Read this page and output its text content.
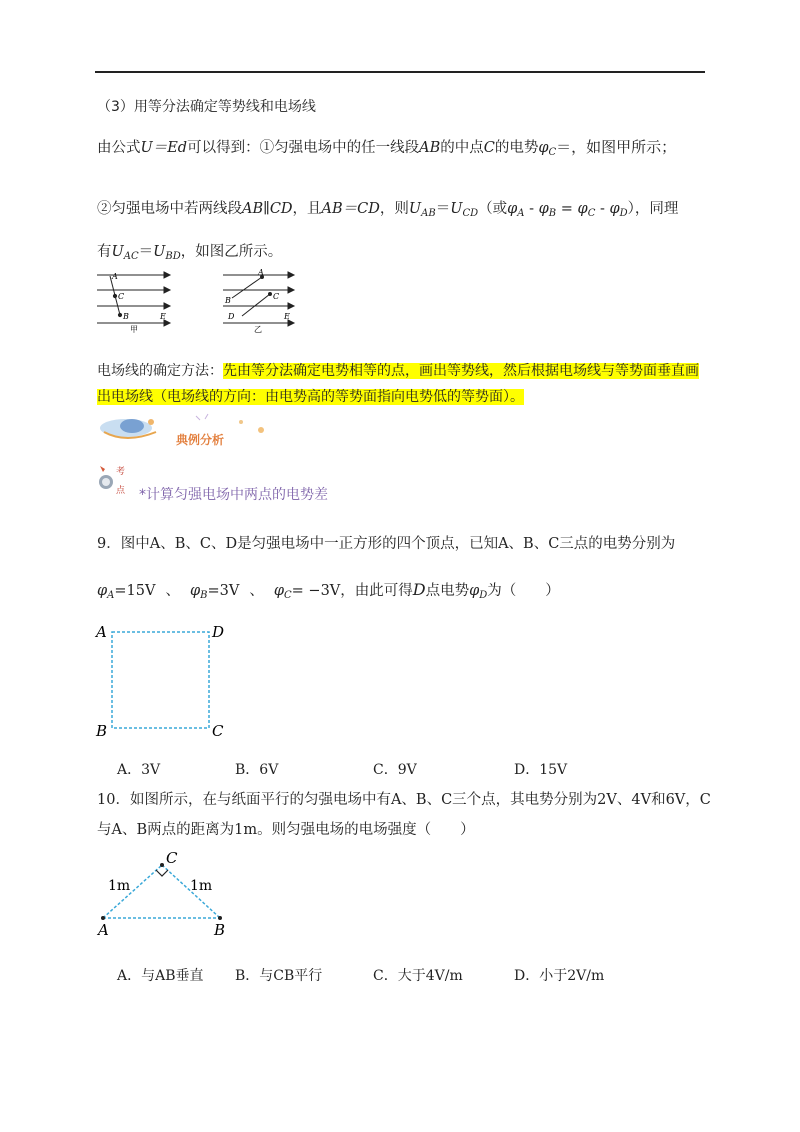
（3）用等分法确定等势线和电场线
由公式U＝Ed可以得到：①匀强电场中的任一线段AB的中点C的电势$\varphi_C=$，如图甲所示；
②匀强电场中若两线段AB∥CD，且AB＝CD，则$U_{AB}=U_{CD}$（或$\varphi_A - \varphi_B = \varphi_C - \varphi_D$），同理
有$U_{AC}=U_{BD}$，如图乙所示。
A
C
B	E
甲
A
B	C
D	E
乙
电场线的确定方法：先由等分法确定电势相等的点，画出等势线，然后根据电场线与等势面垂直画
出电场线（电场线的方向：由电势高的等势面指向电势低的等势面）。
典例分析
考
点 *计算匀强电场中两点的电势差
9．图中A、B、C、D是匀强电场中一正方形的四个顶点，已知A、B、C三点的电势分别为
$\varphi_A=15V$ 、 $\varphi_B=3V$ 、 $\varphi_C= -3V$，由此可得D点电势$\varphi_D$为（　　）
A	D
B	C
A．3V	B．6V	C．9V	D．15V
10．如图所示，在与纸面平行的匀强电场中有A、B、C三个点，其电势分别为2V、4V和6V，C
与A、B两点的距离为1m。则匀强电场的电场强度（　　）
C
A	B
1m	1m
A．与AB垂直 B．与CB平行	C．大于4V/m	D．小于2V/m
